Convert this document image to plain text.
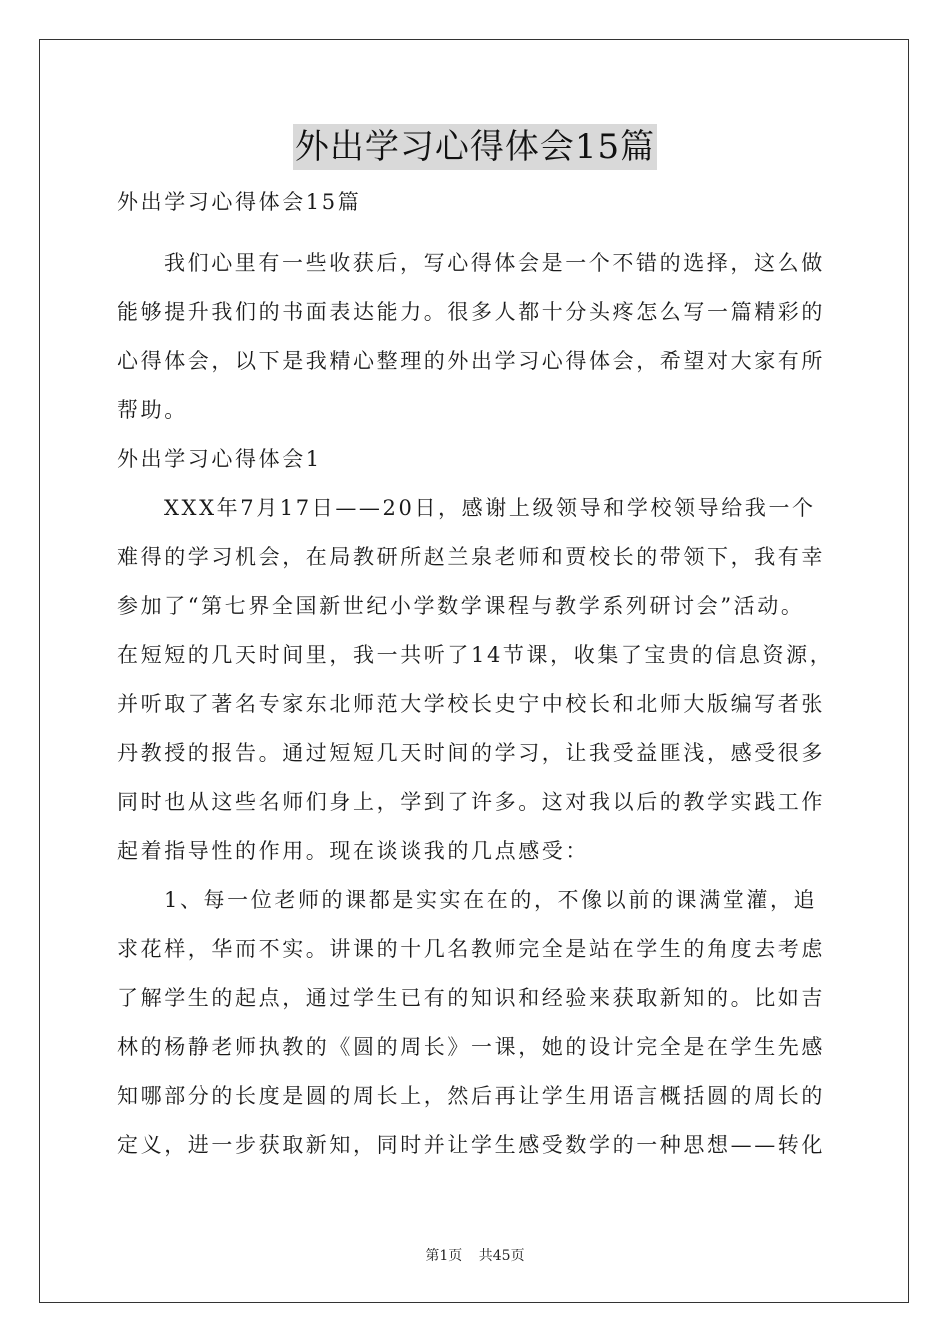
外出学习心得体会15篇
外出学习心得体会15篇
我们心里有一些收获后，写心得体会是一个不错的选择，这么做
能够提升我们的书面表达能力。很多人都十分头疼怎么写一篇精彩的
心得体会，以下是我精心整理的外出学习心得体会，希望对大家有所
帮助。
外出学习心得体会1
XXX年7月17日——20日，感谢上级领导和学校领导给我一个
难得的学习机会，在局教研所赵兰泉老师和贾校长的带领下，我有幸
参加了“第七界全国新世纪小学数学课程与教学系列研讨会”活动。
在短短的几天时间里，我一共听了14节课，收集了宝贵的信息资源，
并听取了著名专家东北师范大学校长史宁中校长和北师大版编写者张
丹教授的报告。通过短短几天时间的学习，让我受益匪浅，感受很多
同时也从这些名师们身上，学到了许多。这对我以后的教学实践工作
起着指导性的作用。现在谈谈我的几点感受：
1、每一位老师的课都是实实在在的，不像以前的课满堂灌，追
求花样，华而不实。讲课的十几名教师完全是站在学生的角度去考虑
了解学生的起点，通过学生已有的知识和经验来获取新知的。比如吉
林的杨静老师执教的《圆的周长》一课，她的设计完全是在学生先感
知哪部分的长度是圆的周长上，然后再让学生用语言概括圆的周长的
定义，进一步获取新知，同时并让学生感受数学的一种思想——转化
第1页 共45页
